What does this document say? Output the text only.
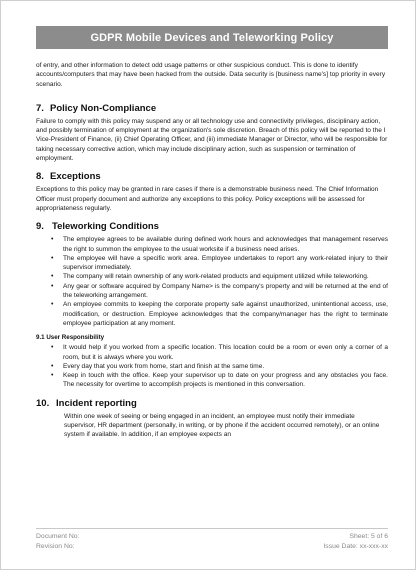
GDPR Mobile Devices and Teleworking Policy

of entry, and other information to detect odd usage patterns or other suspicious conduct. This is done to identify accounts/computers that may have been hacked from the outside. Data security is [business name's] top priority in every scenario.

7. Policy Non-Compliance

Failure to comply with this policy may suspend any or all technology use and connectivity privileges, disciplinary action, and possibly termination of employment at the organization's sole discretion. Breach of this policy will be reported to the I Vice-President of Finance, (ii) Chief Operating Officer, and (iii) immediate Manager or Director, who will be responsible for taking necessary corrective action, which may include disciplinary action, such as suspension or termination of employment.

8. Exceptions

Exceptions to this policy may be granted in rare cases if there is a demonstrable business need. The Chief Information Officer must properly document and authorize any exceptions to this policy. Policy exceptions will be assessed for appropriateness regularly.

9. Teleworking Conditions
• The employee agrees to be available during defined work hours and acknowledges that management reserves the right to summon the employee to the usual worksite if a business need arises.
• The employee will have a specific work area. Employee undertakes to report any work-related injury to their supervisor immediately.
• The company will retain ownership of any work-related products and equipment utilized while teleworking.
• Any gear or software acquired by Company Name> is the company's property and will be returned at the end of the teleworking arrangement.
• An employee commits to keeping the corporate property safe against unauthorized, unintentional access, use, modification, or destruction. Employee acknowledges that the company/manager has the right to terminate employee participation at any moment.
9.1 User Responsibility
• It would help if you worked from a specific location. This location could be a room or even only a corner of a room, but it is always where you work.
• Every day that you work from home, start and finish at the same time.
• Keep in touch with the office. Keep your supervisor up to date on your progress and any obstacles you face. The necessity for overtime to accomplish projects is mentioned in this conversation.
10. Incident reporting

Within one week of seeing or being engaged in an incident, an employee must notify their immediate supervisor, HR department (personally, in writing, or by phone if the accident occurred remotely), or an online system if available. In addition, if an employee expects an

Document No:	Sheet: 5 of 6
Revision No:	Issue Date: xx-xxx-xx
